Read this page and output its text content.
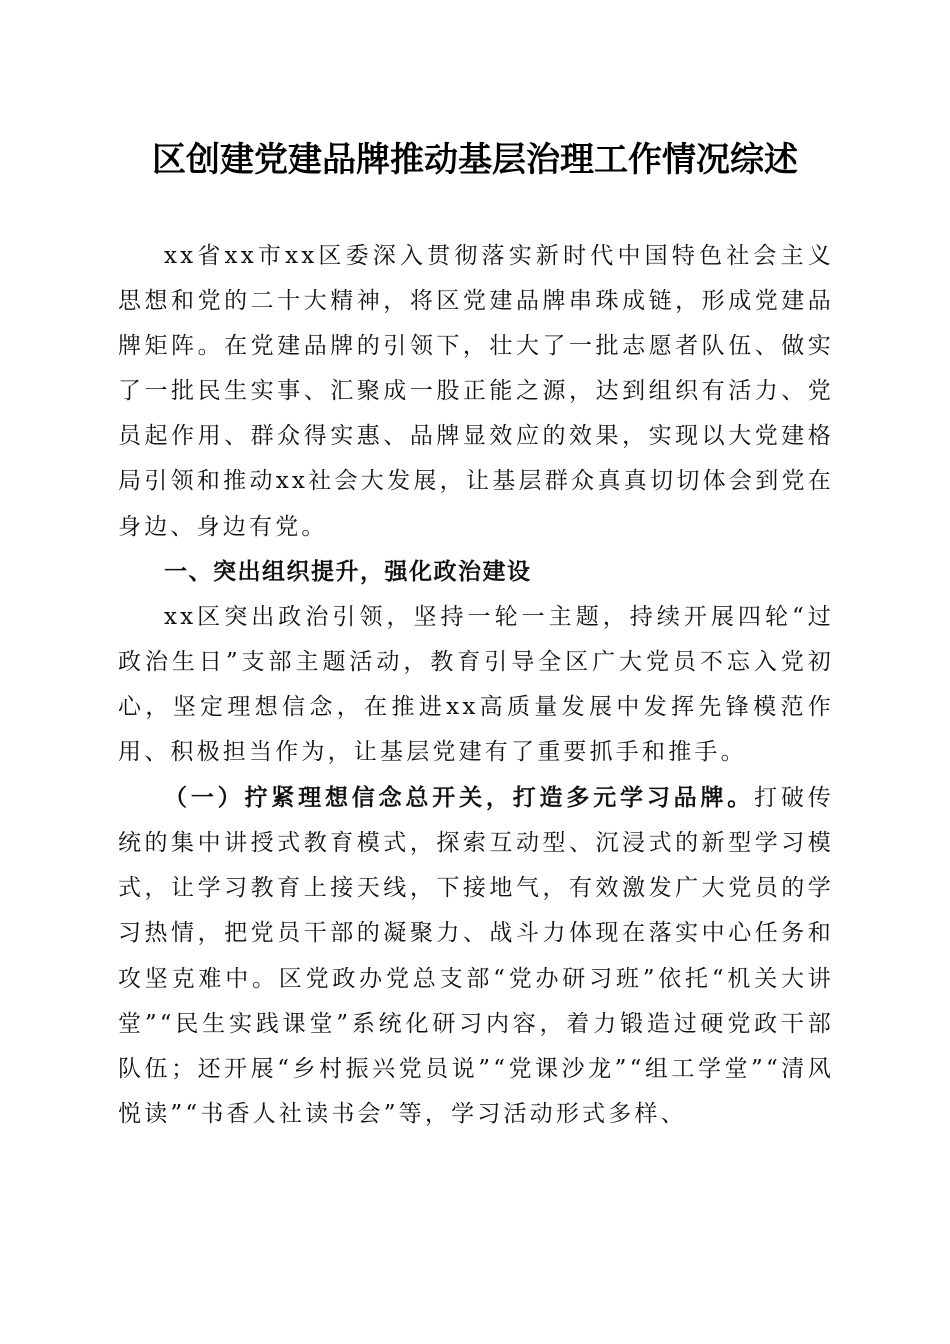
区创建党建品牌推动基层治理工作情况综述

xx省xx市xx区委深入贯彻落实新时代中国特色社会主义思想和党的二十大精神，将区党建品牌串珠成链，形成党建品牌矩阵。在党建品牌的引领下，壮大了一批志愿者队伍、做实了一批民生实事、汇聚成一股正能之源，达到组织有活力、党员起作用、群众得实惠、品牌显效应的效果，实现以大党建格局引领和推动xx社会大发展，让基层群众真真切切体会到党在身边、身边有党。

一、突出组织提升，强化政治建设

xx区突出政治引领，坚持一轮一主题，持续开展四轮“过政治生日”支部主题活动，教育引导全区广大党员不忘入党初心，坚定理想信念，在推进xx高质量发展中发挥先锋模范作用、积极担当作为，让基层党建有了重要抓手和推手。

（一）拧紧理想信念总开关，打造多元学习品牌。打破传统的集中讲授式教育模式，探索互动型、沉浸式的新型学习模式，让学习教育上接天线，下接地气，有效激发广大党员的学习热情，把党员干部的凝聚力、战斗力体现在落实中心任务和攻坚克难中。区党政办党总支部“党办研习班”依托“机关大讲堂”“民生实践课堂”系统化研习内容，着力锻造过硬党政干部队伍；还开展“乡村振兴党员说”“党课沙龙”“组工学堂”“清风悦读”“书香人社读书会”等，学习活动形式多样、
